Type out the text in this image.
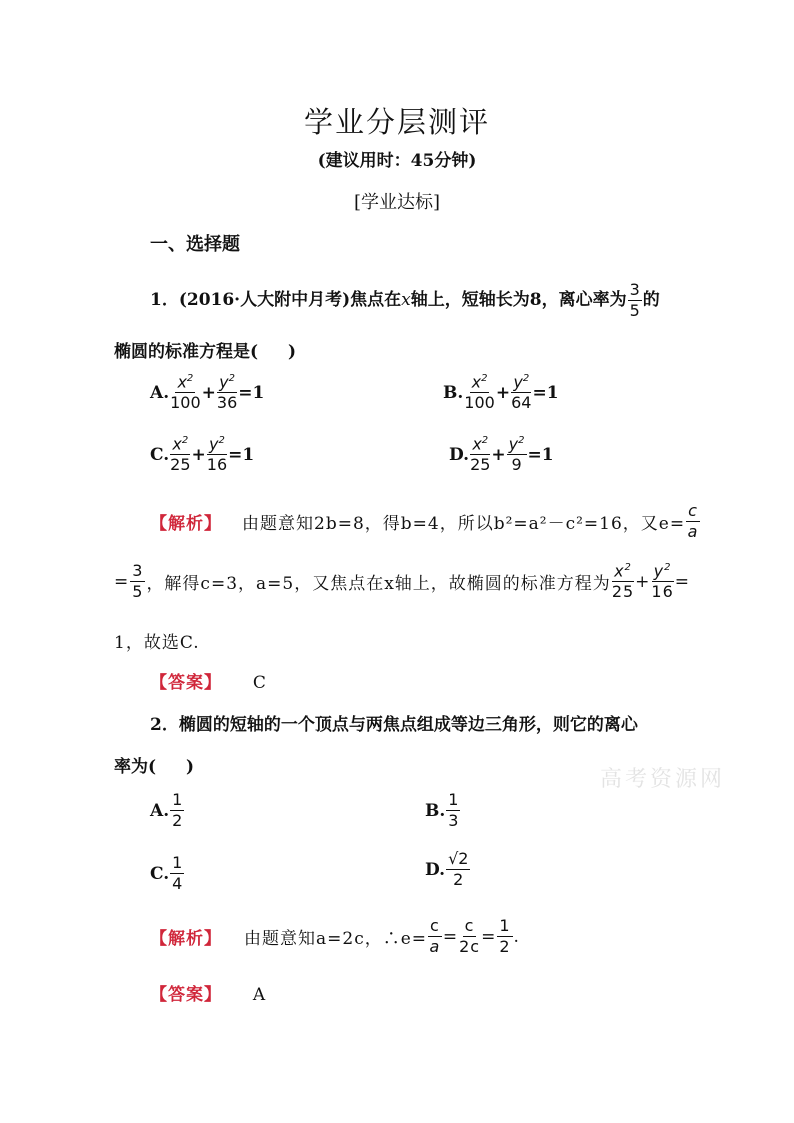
学业分层测评
(建议用时：45分钟)
[学业达标]
一、选择题
1．(2016·人大附中月考)焦点在x轴上，短轴长为8，离心率为 $\frac{3}{5}$ 的
椭圆的标准方程是( )
A. $\frac{x^2}{100} + \frac{y^2}{36} =1$	B. $\frac{x^2}{100} + \frac{y^2}{64} =1$
C. $\frac{x^2}{25} + \frac{y^2}{16} =1$	D. $\frac{x^2}{25} + \frac{y^2}{9} =1$
【解析】 由题意知2b=8，得b=4，所以b²=a²－c²=16，又$e= \frac{c}{a}$
= $\frac{3}{5}$ ，解得c=3，a=5，又焦点在x轴上，故椭圆的标准方程为 $\frac{x^2}{25} + \frac{y^2}{16}$ =
1，故选C.
【答案】 C
2．椭圆的短轴的一个顶点与两焦点组成等边三角形，则它的离心
率为( )	高考资源网
A. $\frac{1}{2}$	B. $\frac{1}{3}$
C. $\frac{1}{4}$	D. $\frac{√2}{2}$
【解析】 由题意知a=2c，∴e= $\frac{c}{a} = \frac{c}{2c} = \frac{1}{2}$ .
【答案】 A
